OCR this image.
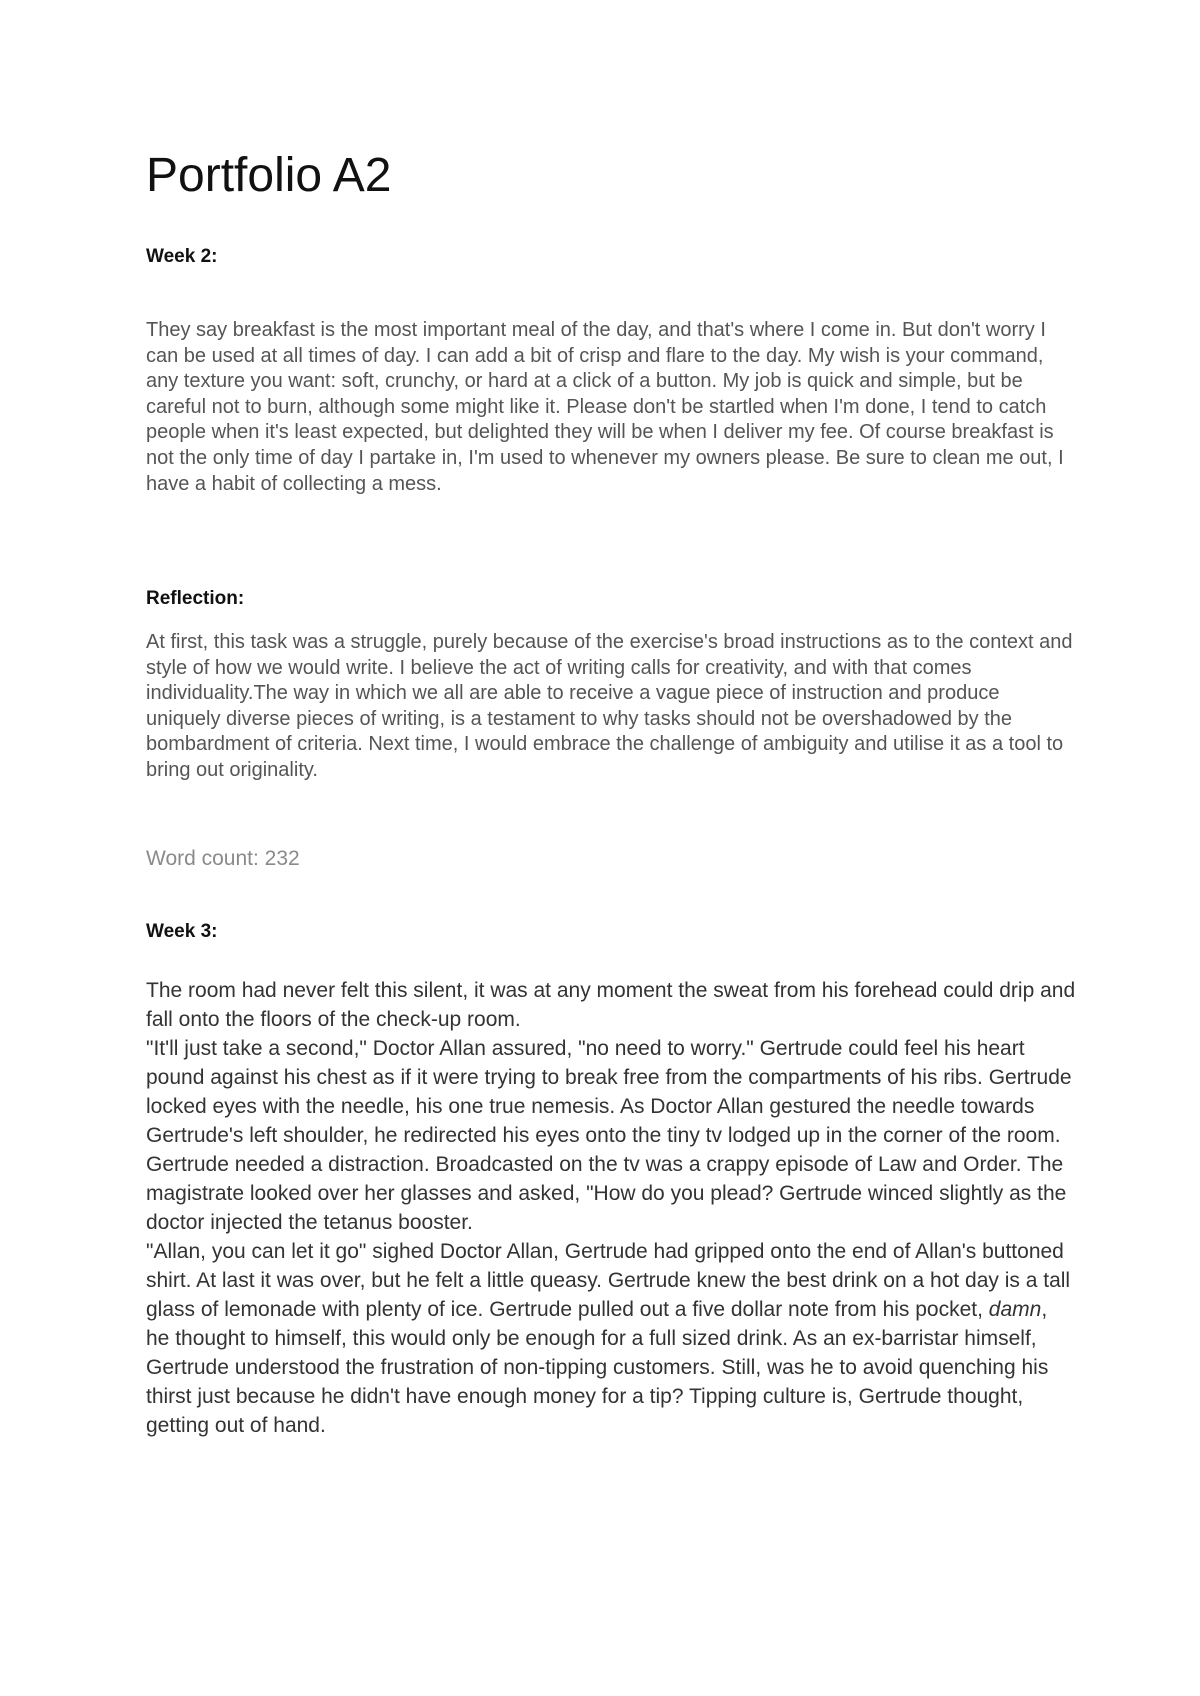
Portfolio A2
Week 2:

They say breakfast is the most important meal of the day, and that's where I come in. But don't worry I can be used at all times of day. I can add a bit of crisp and flare to the day. My wish is your command, any texture you want: soft, crunchy, or hard at a click of a button. My job is quick and simple, but be careful not to burn, although some might like it. Please don't be startled when I'm done, I tend to catch people when it's least expected, but delighted they will be when I deliver my fee. Of course breakfast is not the only time of day I partake in, I'm used to whenever my owners please. Be sure to clean me out, I have a habit of collecting a mess.

Reflection:

At first, this task was a struggle, purely because of the exercise's broad instructions as to the context and style of how we would write. I believe the act of writing calls for creativity, and with that comes individuality.The way in which we all are able to receive a vague piece of instruction and produce uniquely diverse pieces of writing, is a testament to why tasks should not be overshadowed by the bombardment of criteria. Next time, I would embrace the challenge of ambiguity and utilise it as a tool to bring out originality.

Word count: 232

Week 3:

The room had never felt this silent, it was at any moment the sweat from his forehead could drip and fall onto the floors of the check-up room.

"It'll just take a second," Doctor Allan assured, "no need to worry." Gertrude could feel his heart pound against his chest as if it were trying to break free from the compartments of his ribs. Gertrude locked eyes with the needle, his one true nemesis. As Doctor Allan gestured the needle towards Gertrude's left shoulder, he redirected his eyes onto the tiny tv lodged up in the corner of the room. Gertrude needed a distraction. Broadcasted on the tv was a crappy episode of Law and Order. The magistrate looked over her glasses and asked, "How do you plead? Gertrude winced slightly as the doctor injected the tetanus booster.

"Allan, you can let it go" sighed Doctor Allan, Gertrude had gripped onto the end of Allan's buttoned shirt. At last it was over, but he felt a little queasy. Gertrude knew the best drink on a hot day is a tall glass of lemonade with plenty of ice. Gertrude pulled out a five dollar note from his pocket, damn, he thought to himself, this would only be enough for a full sized drink. As an ex-barristar himself, Gertrude understood the frustration of non-tipping customers. Still, was he to avoid quenching his thirst just because he didn't have enough money for a tip? Tipping culture is, Gertrude thought, getting out of hand.
